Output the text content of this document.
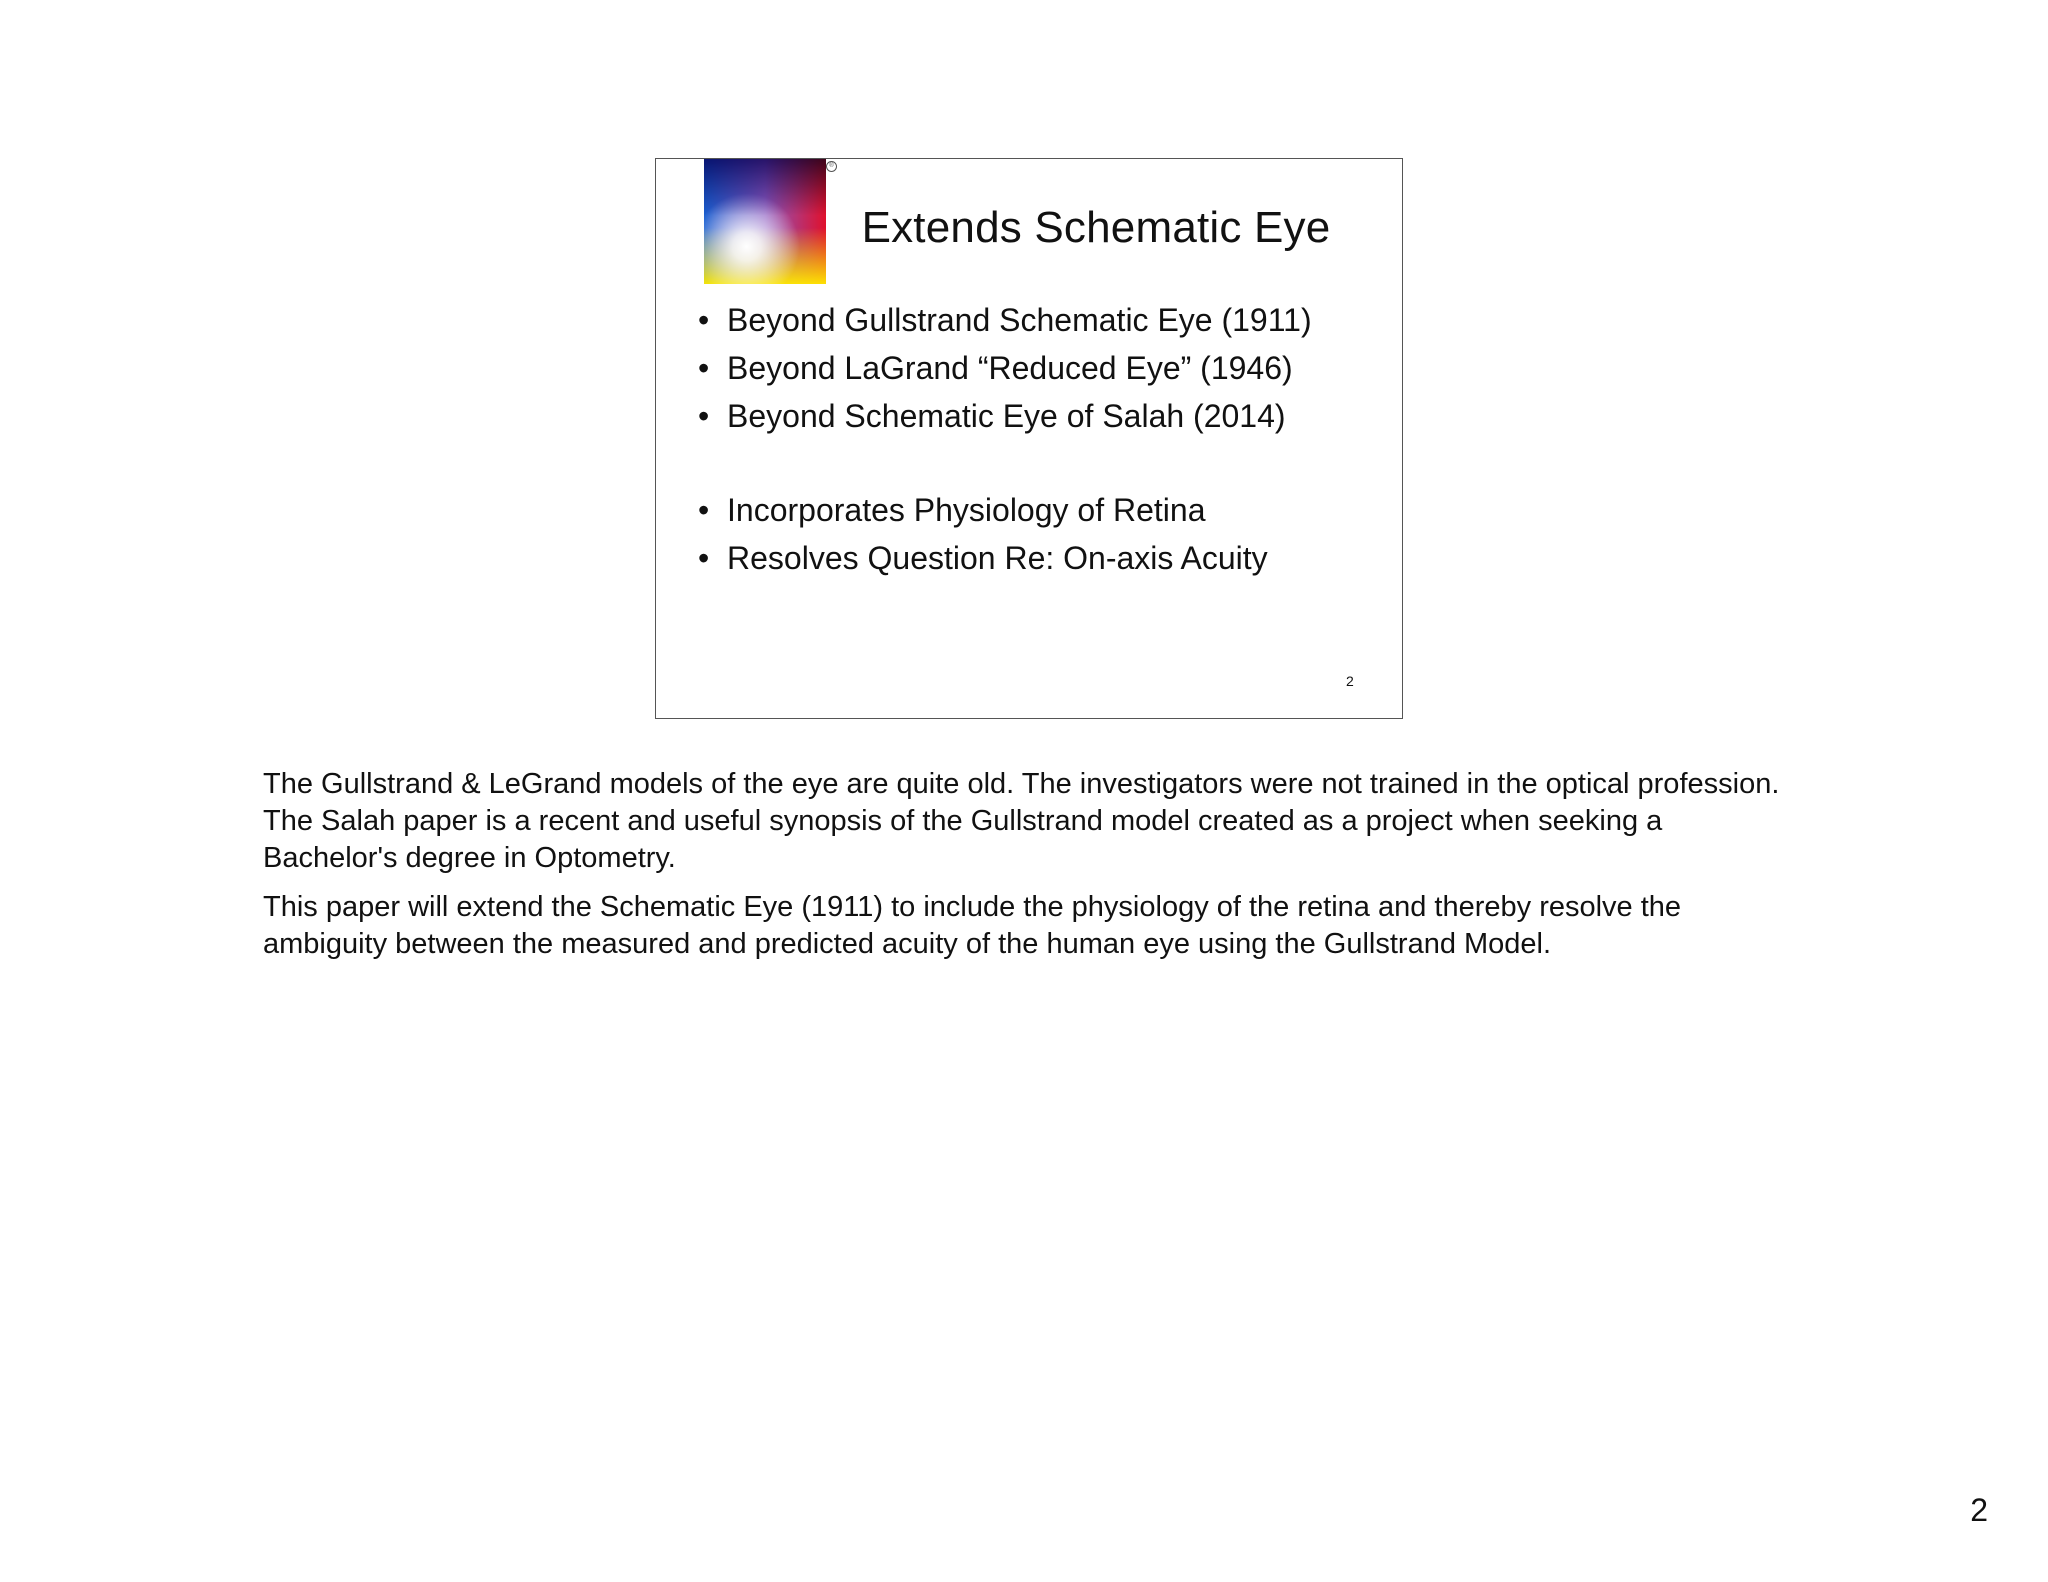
®
Extends Schematic Eye
• Beyond Gullstrand Schematic Eye (1911)
• Beyond LaGrand “Reduced Eye” (1946)
• Beyond Schematic Eye of Salah (2014)
• Incorporates Physiology of Retina
• Resolves Question Re: On-axis Acuity
2

The Gullstrand & LeGrand models of the eye are quite old. The investigators were not trained in the optical profession. The Salah paper is a recent and useful synopsis of the Gullstrand model created as a project when seeking a Bachelor's degree in Optometry.

This paper will extend the Schematic Eye (1911) to include the physiology of the retina and thereby resolve the ambiguity between the measured and predicted acuity of the human eye using the Gullstrand Model.

2
